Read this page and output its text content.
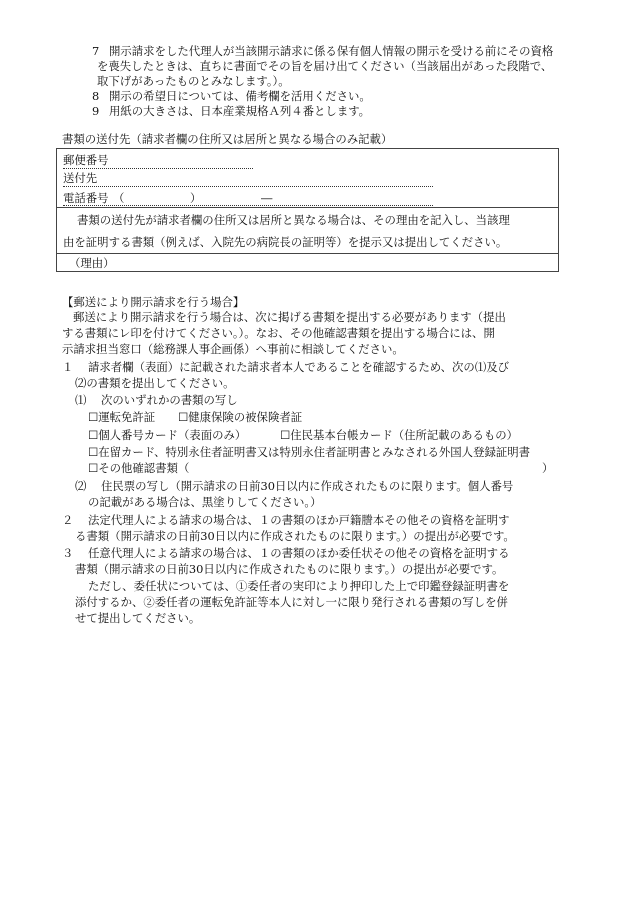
7 開示請求をした代理人が当該開示請求に係る保有個人情報の開示を受ける前にその資格
を喪失したときは、直ちに書面でその旨を届け出てください（当該届出があった段階で、
取下げがあったものとみなします。）。
8 開示の希望日については、備考欄を活用ください。
9 用紙の大きさは、日本産業規格Ａ列４番とします。
書類の送付先（請求者欄の住所又は居所と異なる場合のみ記載）
郵便番号
送付先
電話番号 （	）	―
書類の送付先が請求者欄の住所又は居所と異なる場合は、その理由を記入し、当該理
由を証明する書類（例えば、入院先の病院長の証明等）を提示又は提出してください。
（理由）
【郵送により開示請求を行う場合】
郵送により開示請求を行う場合は、次に掲げる書類を提出する必要があります（提出
する書類にレ印を付けてください。）。なお、その他確認書類を提出する場合には、開
示請求担当窓口（総務課人事企画係）へ事前に相談してください。
１ 請求者欄（表面）に記載された請求者本人であることを確認するため、次の⑴及び
⑵の書類を提出してください。
⑴ 次のいずれかの書類の写し
☐運転免許証 ☐健康保険の被保険者証
☐個人番号カード（表面のみ）	☐住民基本台帳カード（住所記載のあるもの）
☐在留カード、特別永住者証明書又は特別永住者証明書とみなされる外国人登録証明書
☐その他確認書類（	）
⑵ 住民票の写し（開示請求の日前30日以内に作成されたものに限ります。個人番号
の記載がある場合は、黒塗りしてください。）
２ 法定代理人による請求の場合は、１の書類のほか戸籍謄本その他その資格を証明す
る書類（開示請求の日前30日以内に作成されたものに限ります。）の提出が必要です。
３ 任意代理人による請求の場合は、１の書類のほか委任状その他その資格を証明する
書類（開示請求の日前30日以内に作成されたものに限ります。）の提出が必要です。
ただし、委任状については、①委任者の実印により押印した上で印鑑登録証明書を
添付するか、②委任者の運転免許証等本人に対し一に限り発行される書類の写しを併
せて提出してください。
